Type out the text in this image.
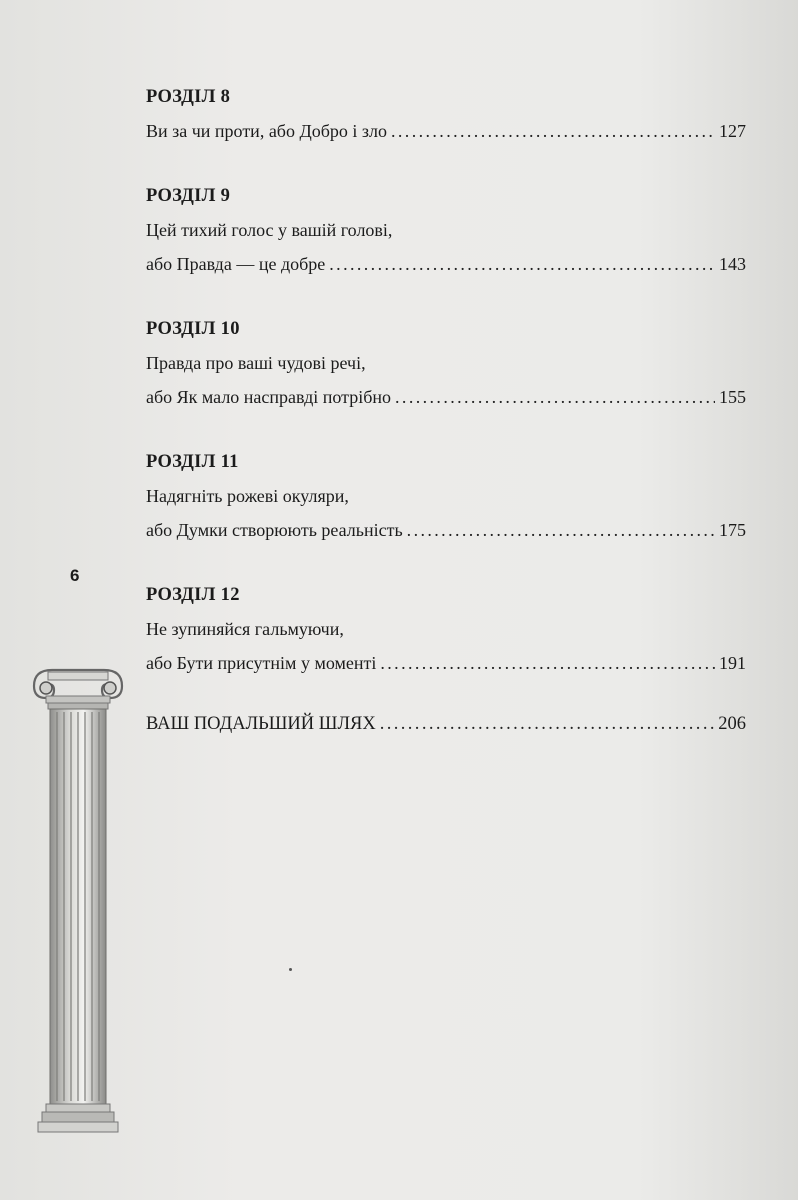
РОЗДІЛ 8
Ви за чи проти, або Добро і зло .....	127
РОЗДІЛ 9
Цей тихий голос у вашій голові,
або Правда — це добре .....	143
РОЗДІЛ 10
Правда про ваші чудові речі,
або Як мало насправді потрібно .....	155
РОЗДІЛ 11
Надягніть рожеві окуляри,
або Думки створюють реальність .....	175
РОЗДІЛ 12
Не зупиняйся гальмуючи,
або Бути присутнім у моменті .....	191
ВАШ ПОДАЛЬШИЙ ШЛЯХ .....	206
6
